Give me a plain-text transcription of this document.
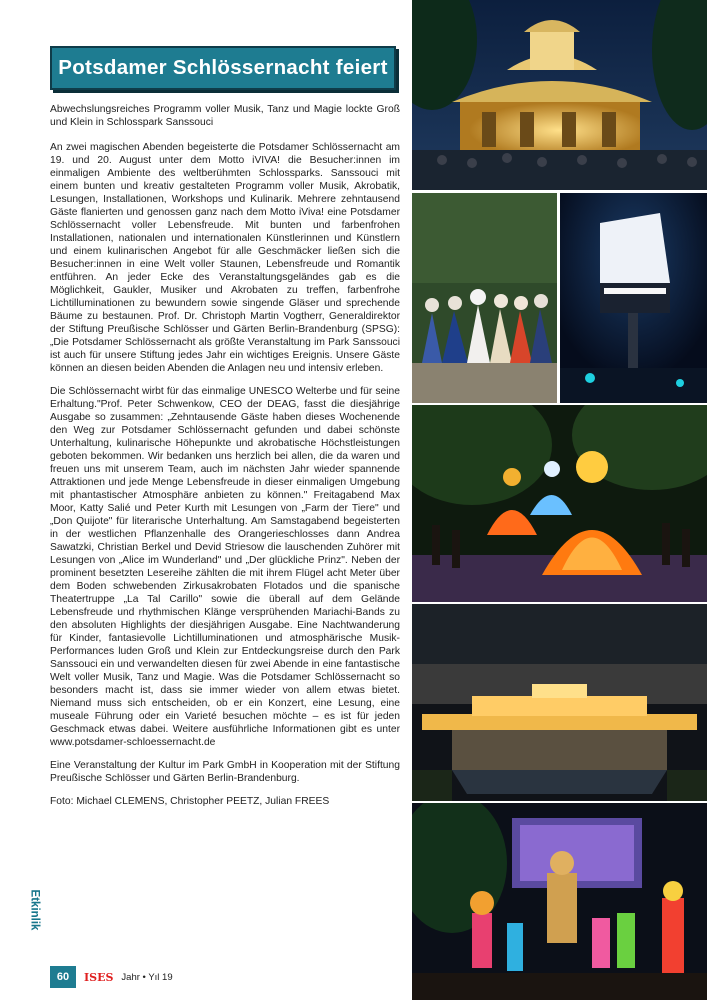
Potsdamer Schlössernacht feiert

Abwechslungsreiches Programm voller Musik, Tanz und Magie lockte Groß und Klein in Schlosspark Sanssouci

An zwei magischen Abenden begeisterte die Potsdamer Schlössernacht am 19. und 20. August unter dem Motto iVIVA! die Besucher:innen im einmaligen Ambiente des weltberühmten Schlossparks. Sanssouci mit einem bunten und kreativ gestalteten Programm voller Musik, Akrobatik, Lesungen, Installationen, Workshops und Kulinarik. Mehrere zehntausend Gäste flanierten und genossen ganz nach dem Motto iViva! eine Potsdamer Schlössernacht voller Lebensfreude. Mit bunten und farbenfrohen Installationen, nationalen und internationalen Künstlerinnen und Künstlern und einem kulinarischen Angebot für alle Geschmäcker ließen sich die Besucher:innen in eine Welt voller Staunen, Lebensfreude und Romantik entführen. An jeder Ecke des Veranstaltungsgeländes gab es die Möglichkeit, Gaukler, Musiker und Akrobaten zu treffen, farbenfrohe Lichtilluminationen zu bewundern sowie singende Gläser und sprechende Bäume zu bestaunen. Prof. Dr. Christoph Martin Vogtherr, Generaldirektor der Stiftung Preußische Schlösser und Gärten Berlin-Brandenburg (SPSG): „Die Potsdamer Schlössernacht als größte Veranstaltung im Park Sanssouci ist auch für unsere Stiftung jedes Jahr ein wichtiges Ereignis. Unsere Gäste können an diesen beiden Abenden die Anlagen neu und intensiv erleben.

Die Schlössernacht wirbt für das einmalige UNESCO Welterbe und für seine Erhaltung."Prof. Peter Schwenkow, CEO der DEAG, fasst die diesjährige Ausgabe so zusammen: „Zehntausende Gäste haben dieses Wochenende den Weg zur Potsdamer Schlössernacht gefunden und dabei schönste Unterhaltung, kulinarische Höhepunkte und akrobatische Höchstleistungen geboten bekommen. Wir bedanken uns herzlich bei allen, die da waren und freuen uns mit unserem Team, auch im nächsten Jahr wieder spannende Attraktionen und jede Menge Lebensfreude in dieser einmaligen Umgebung mit phantastischer Atmosphäre anbieten zu können." Freitagabend Max Moor, Katty Salié und Peter Kurth mit Lesungen von „Farm der Tiere" und „Don Quijote" für literarische Unterhaltung. Am Samstagabend begeisterten in der westlichen Pflanzenhalle des Orangerieschlosses dann Andrea Sawatzki, Christian Berkel und Devid Striesow die lauschenden Zuhörer mit Lesungen von „Alice im Wunderland" und „Der glückliche Prinz". Neben der prominent besetzten Lesereihe zählten die mit ihrem Flügel acht Meter über dem Boden schwebenden Zirkusakrobaten Flotados und die spanische Theatertruppe „La Tal Carillo" sowie die überall auf dem Gelände Lebensfreude und rhythmischen Klänge versprühenden Mariachi-Bands zu den absoluten Highlights der diesjährigen Ausgabe. Eine Nachtwanderung für Kinder, fantasievolle Lichtilluminationen und atmosphärische Musik-Performances luden Groß und Klein zur Entdeckungsreise durch den Park Sanssouci ein und verwandelten diesen für zwei Abende in eine fantastische Welt voller Musik, Tanz und Magie. Was die Potsdamer Schlössernacht so besonders macht ist, dass sie immer wieder von allem etwas bietet. Niemand muss sich entscheiden, ob er ein Konzert, eine Lesung, eine museale Führung oder ein Varieté besuchen möchte – es ist für jeden Geschmack etwas dabei. Weitere ausführliche Informationen gibt es unter www.potsdamer-schloessernacht.de

Eine Veranstaltung der Kultur im Park GmbH in Kooperation mit der Stiftung Preußische Schlösser und Gärten Berlin-Brandenburg.

Foto: Michael CLEMENS, Christopher PEETZ, Julian FREES

Etkinlik
60	ISES Jahr • Yıl 19
